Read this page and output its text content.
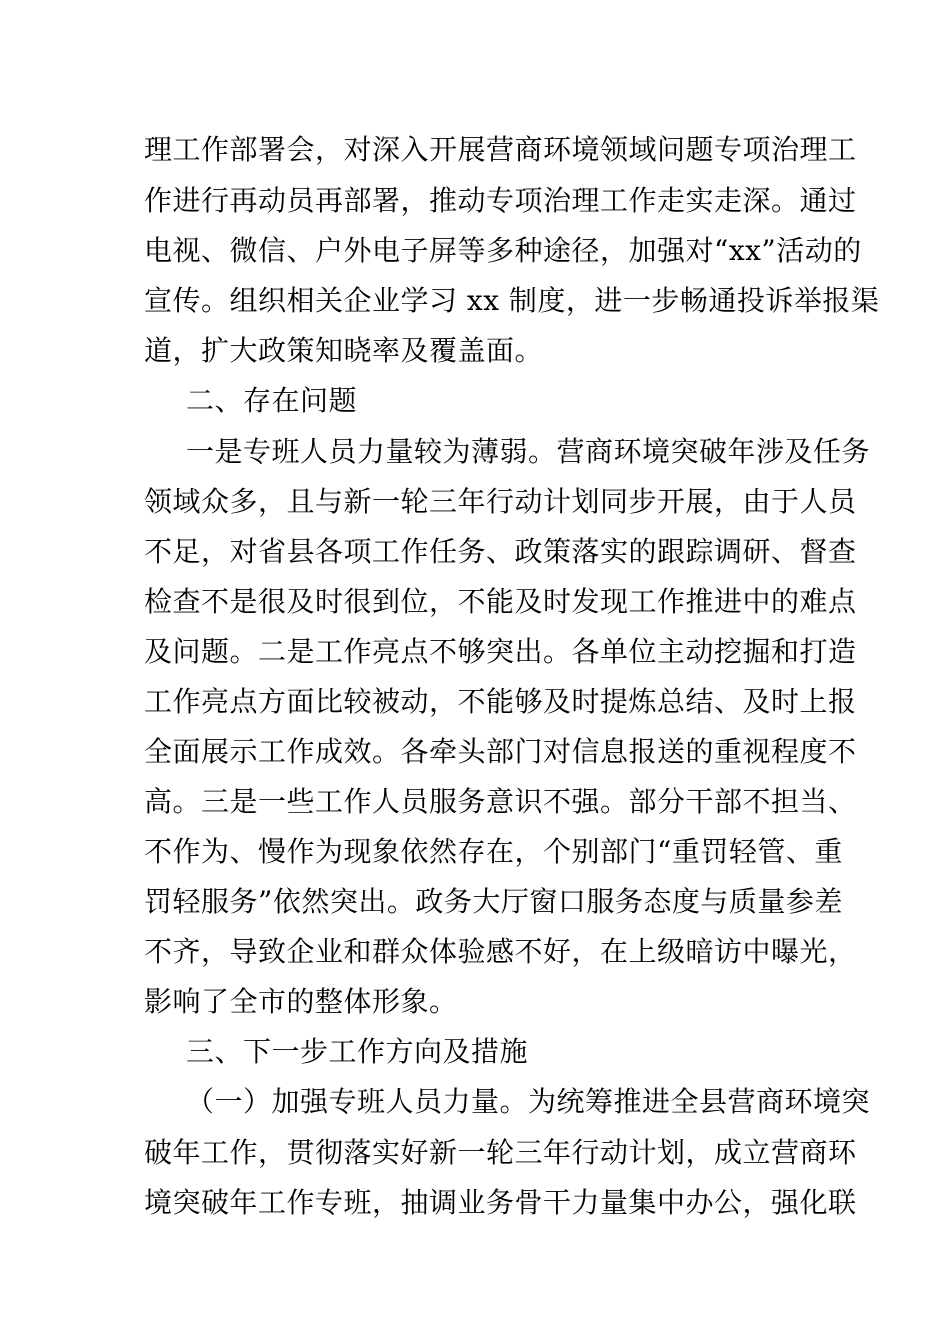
理工作部署会，对深入开展营商环境领域问题专项治理工
作进行再动员再部署，推动专项治理工作走实走深。通过
电视、微信、户外电子屏等多种途径，加强对“xx”活动的
宣传。组织相关企业学习 xx 制度，进一步畅通投诉举报渠
道，扩大政策知晓率及覆盖面。
二、存在问题
一是专班人员力量较为薄弱。营商环境突破年涉及任务
领域众多，且与新一轮三年行动计划同步开展，由于人员
不足，对省县各项工作任务、政策落实的跟踪调研、督查
检查不是很及时很到位，不能及时发现工作推进中的难点
及问题。二是工作亮点不够突出。各单位主动挖掘和打造
工作亮点方面比较被动，不能够及时提炼总结、及时上报
全面展示工作成效。各牵头部门对信息报送的重视程度不
高。三是一些工作人员服务意识不强。部分干部不担当、
不作为、慢作为现象依然存在，个别部门“重罚轻管、重
罚轻服务”依然突出。政务大厅窗口服务态度与质量参差
不齐，导致企业和群众体验感不好，在上级暗访中曝光，
影响了全市的整体形象。
三、下一步工作方向及措施
（一）加强专班人员力量。为统筹推进全县营商环境突
破年工作，贯彻落实好新一轮三年行动计划，成立营商环
境突破年工作专班，抽调业务骨干力量集中办公，强化联
